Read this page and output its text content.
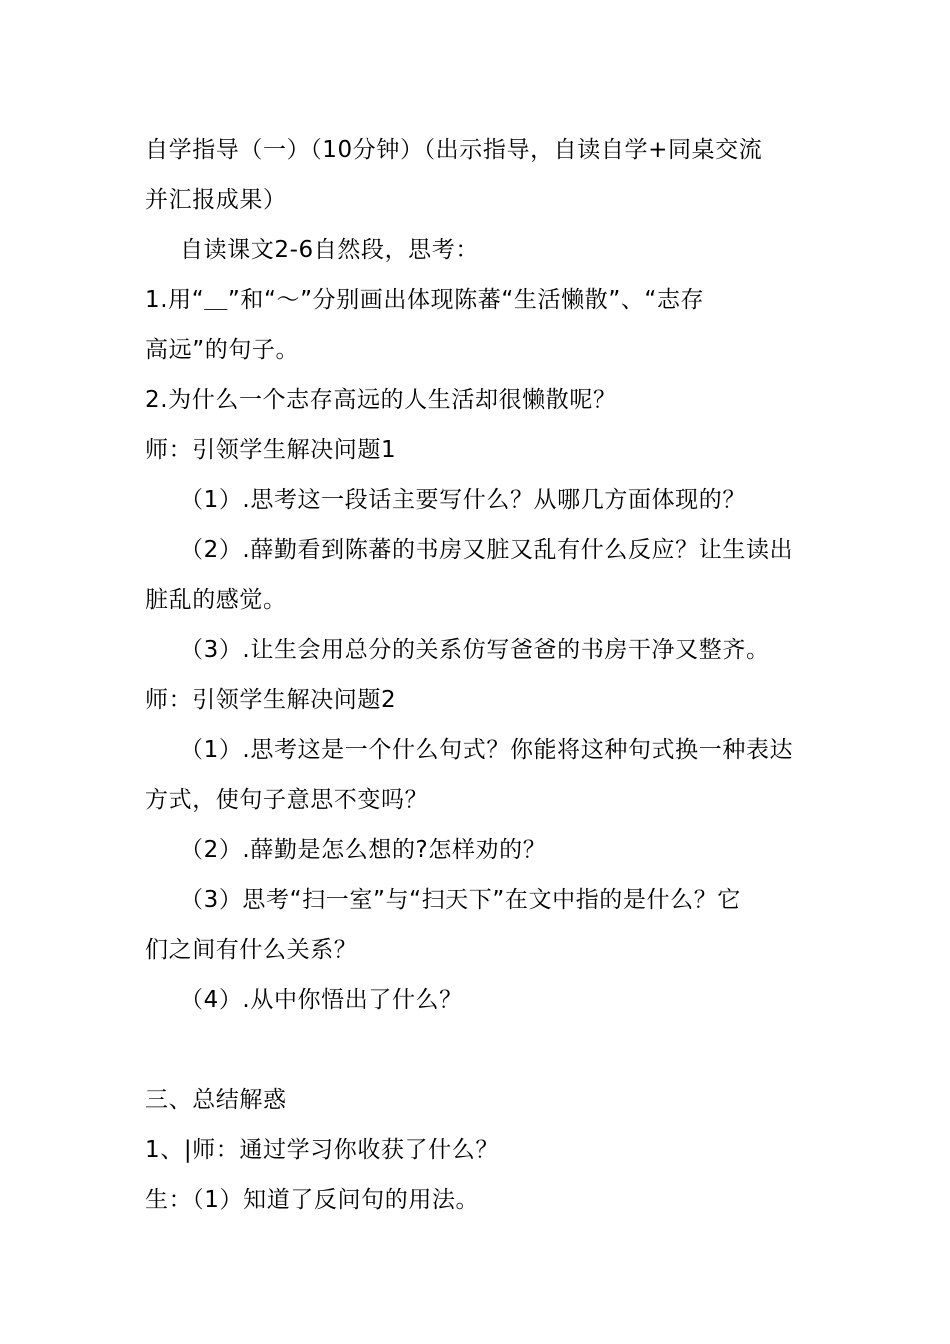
自学指导（一）（10分钟）（出示指导，自读自学+同桌交流
并汇报成果）
自读课文2-6自然段，思考：
1.用“＿”和“～”分别画出体现陈蕃“生活懒散”、“志存
高远”的句子。
2.为什么一个志存高远的人生活却很懒散呢？
师：引领学生解决问题1
（1）.思考这一段话主要写什么？从哪几方面体现的？
（2）.薛勤看到陈蕃的书房又脏又乱有什么反应？让生读出
脏乱的感觉。
（3）.让生会用总分的关系仿写爸爸的书房干净又整齐。
师：引领学生解决问题2
（1）.思考这是一个什么句式？你能将这种句式换一种表达
方式，使句子意思不变吗？
（2）.薛勤是怎么想的?怎样劝的？
（3）思考“扫一室”与“扫天下”在文中指的是什么？它
们之间有什么关系？
（4）.从中你悟出了什么？
三、总结解惑
1、|师：通过学习你收获了什么？
生：（1）知道了反问句的用法。
